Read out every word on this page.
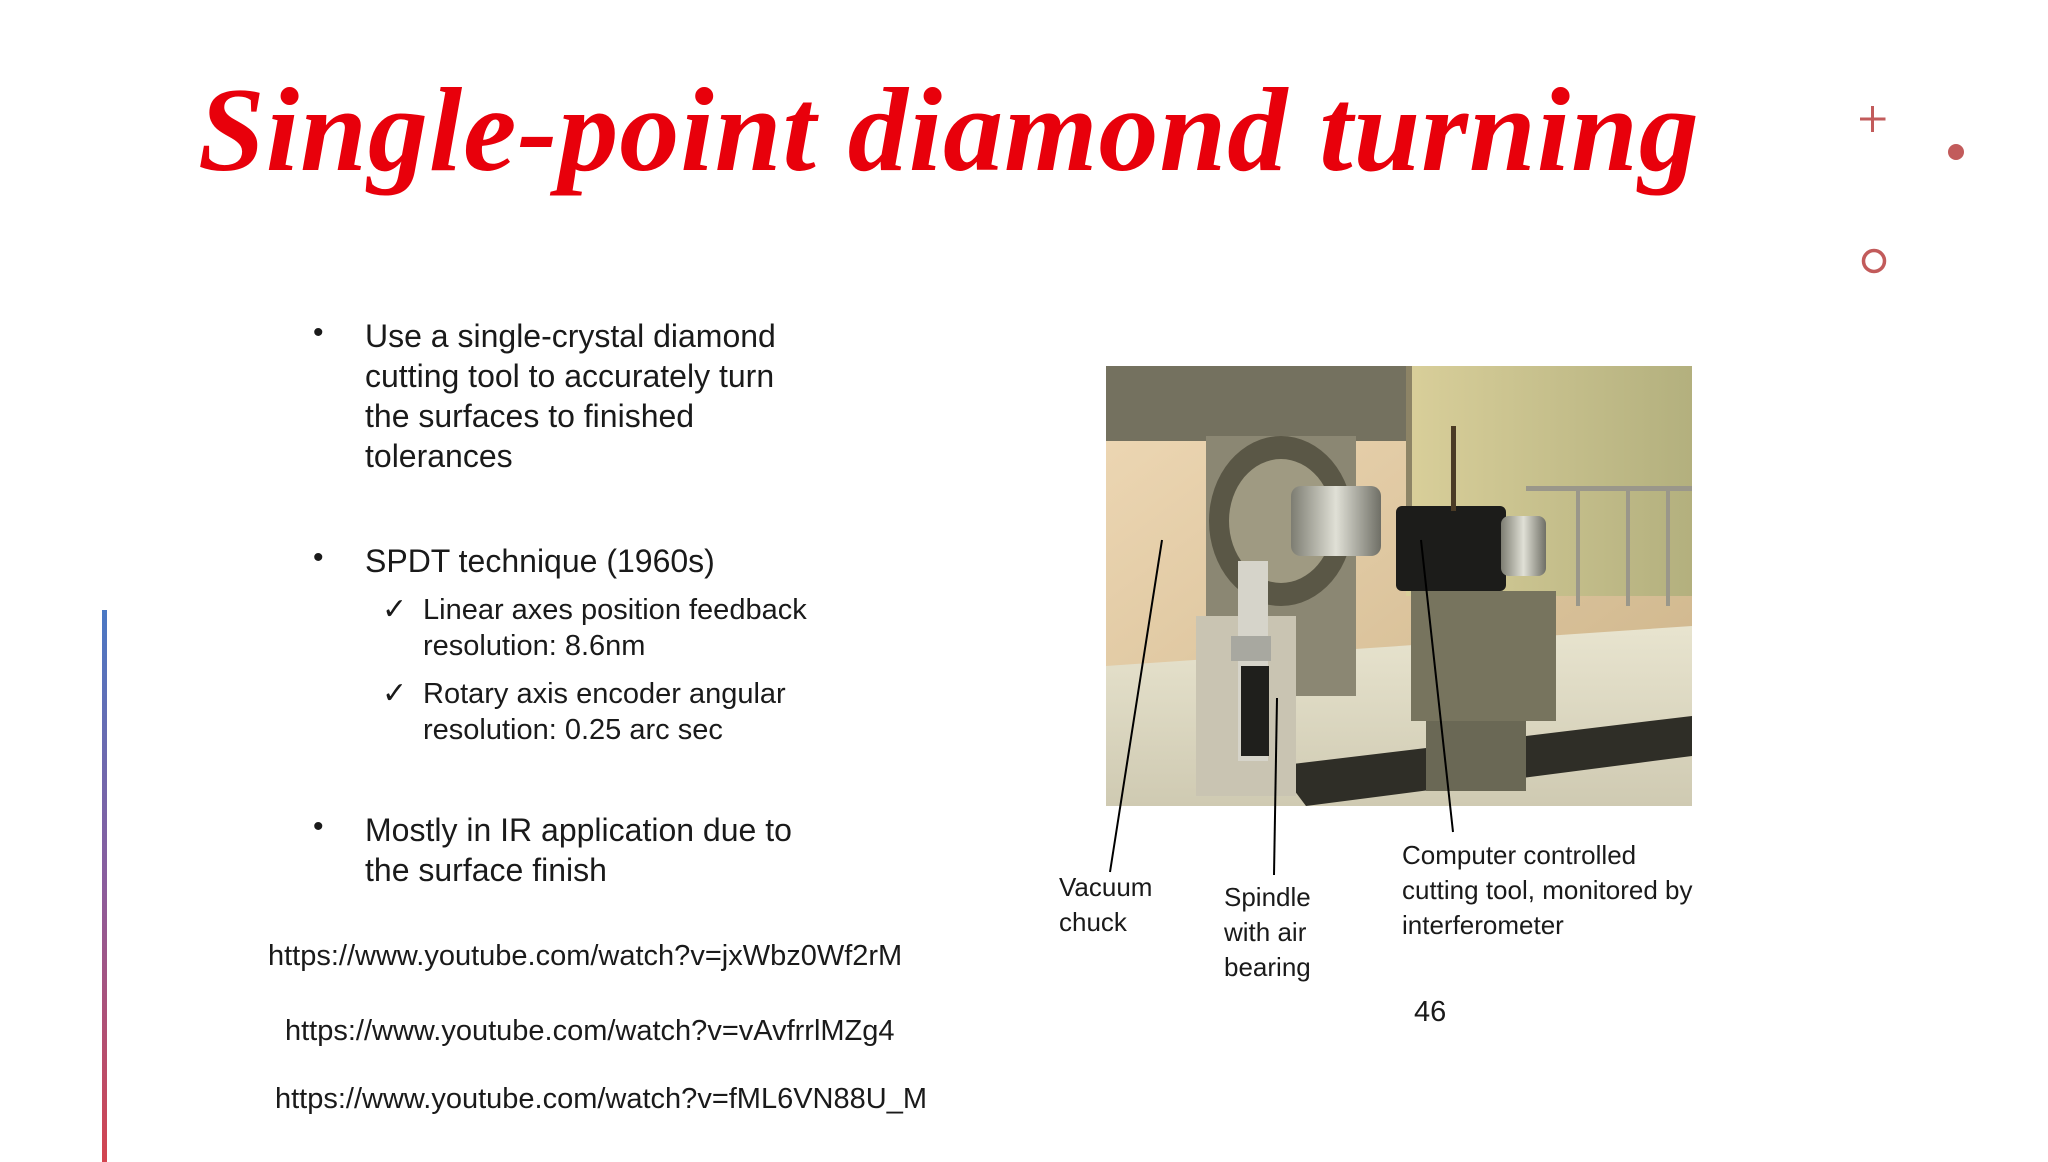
Single-point diamond turning
• Use a single-crystal diamond
cutting tool to accurately turn
the surfaces to finished
tolerances
• SPDT technique (1960s)
✓ Linear axes position feedback
resolution: 8.6nm
✓ Rotary axis encoder angular
resolution: 0.25 arc sec
• Mostly in IR application due to
the surface finish
https://www.youtube.com/watch?v=jxWbz0Wf2rM
https://www.youtube.com/watch?v=vAvfrrlMZg4
https://www.youtube.com/watch?v=fML6VN88U_M
Vacuum
chuck
Spindle
with air
bearing
Computer controlled
cutting tool, monitored by
interferometer
46
